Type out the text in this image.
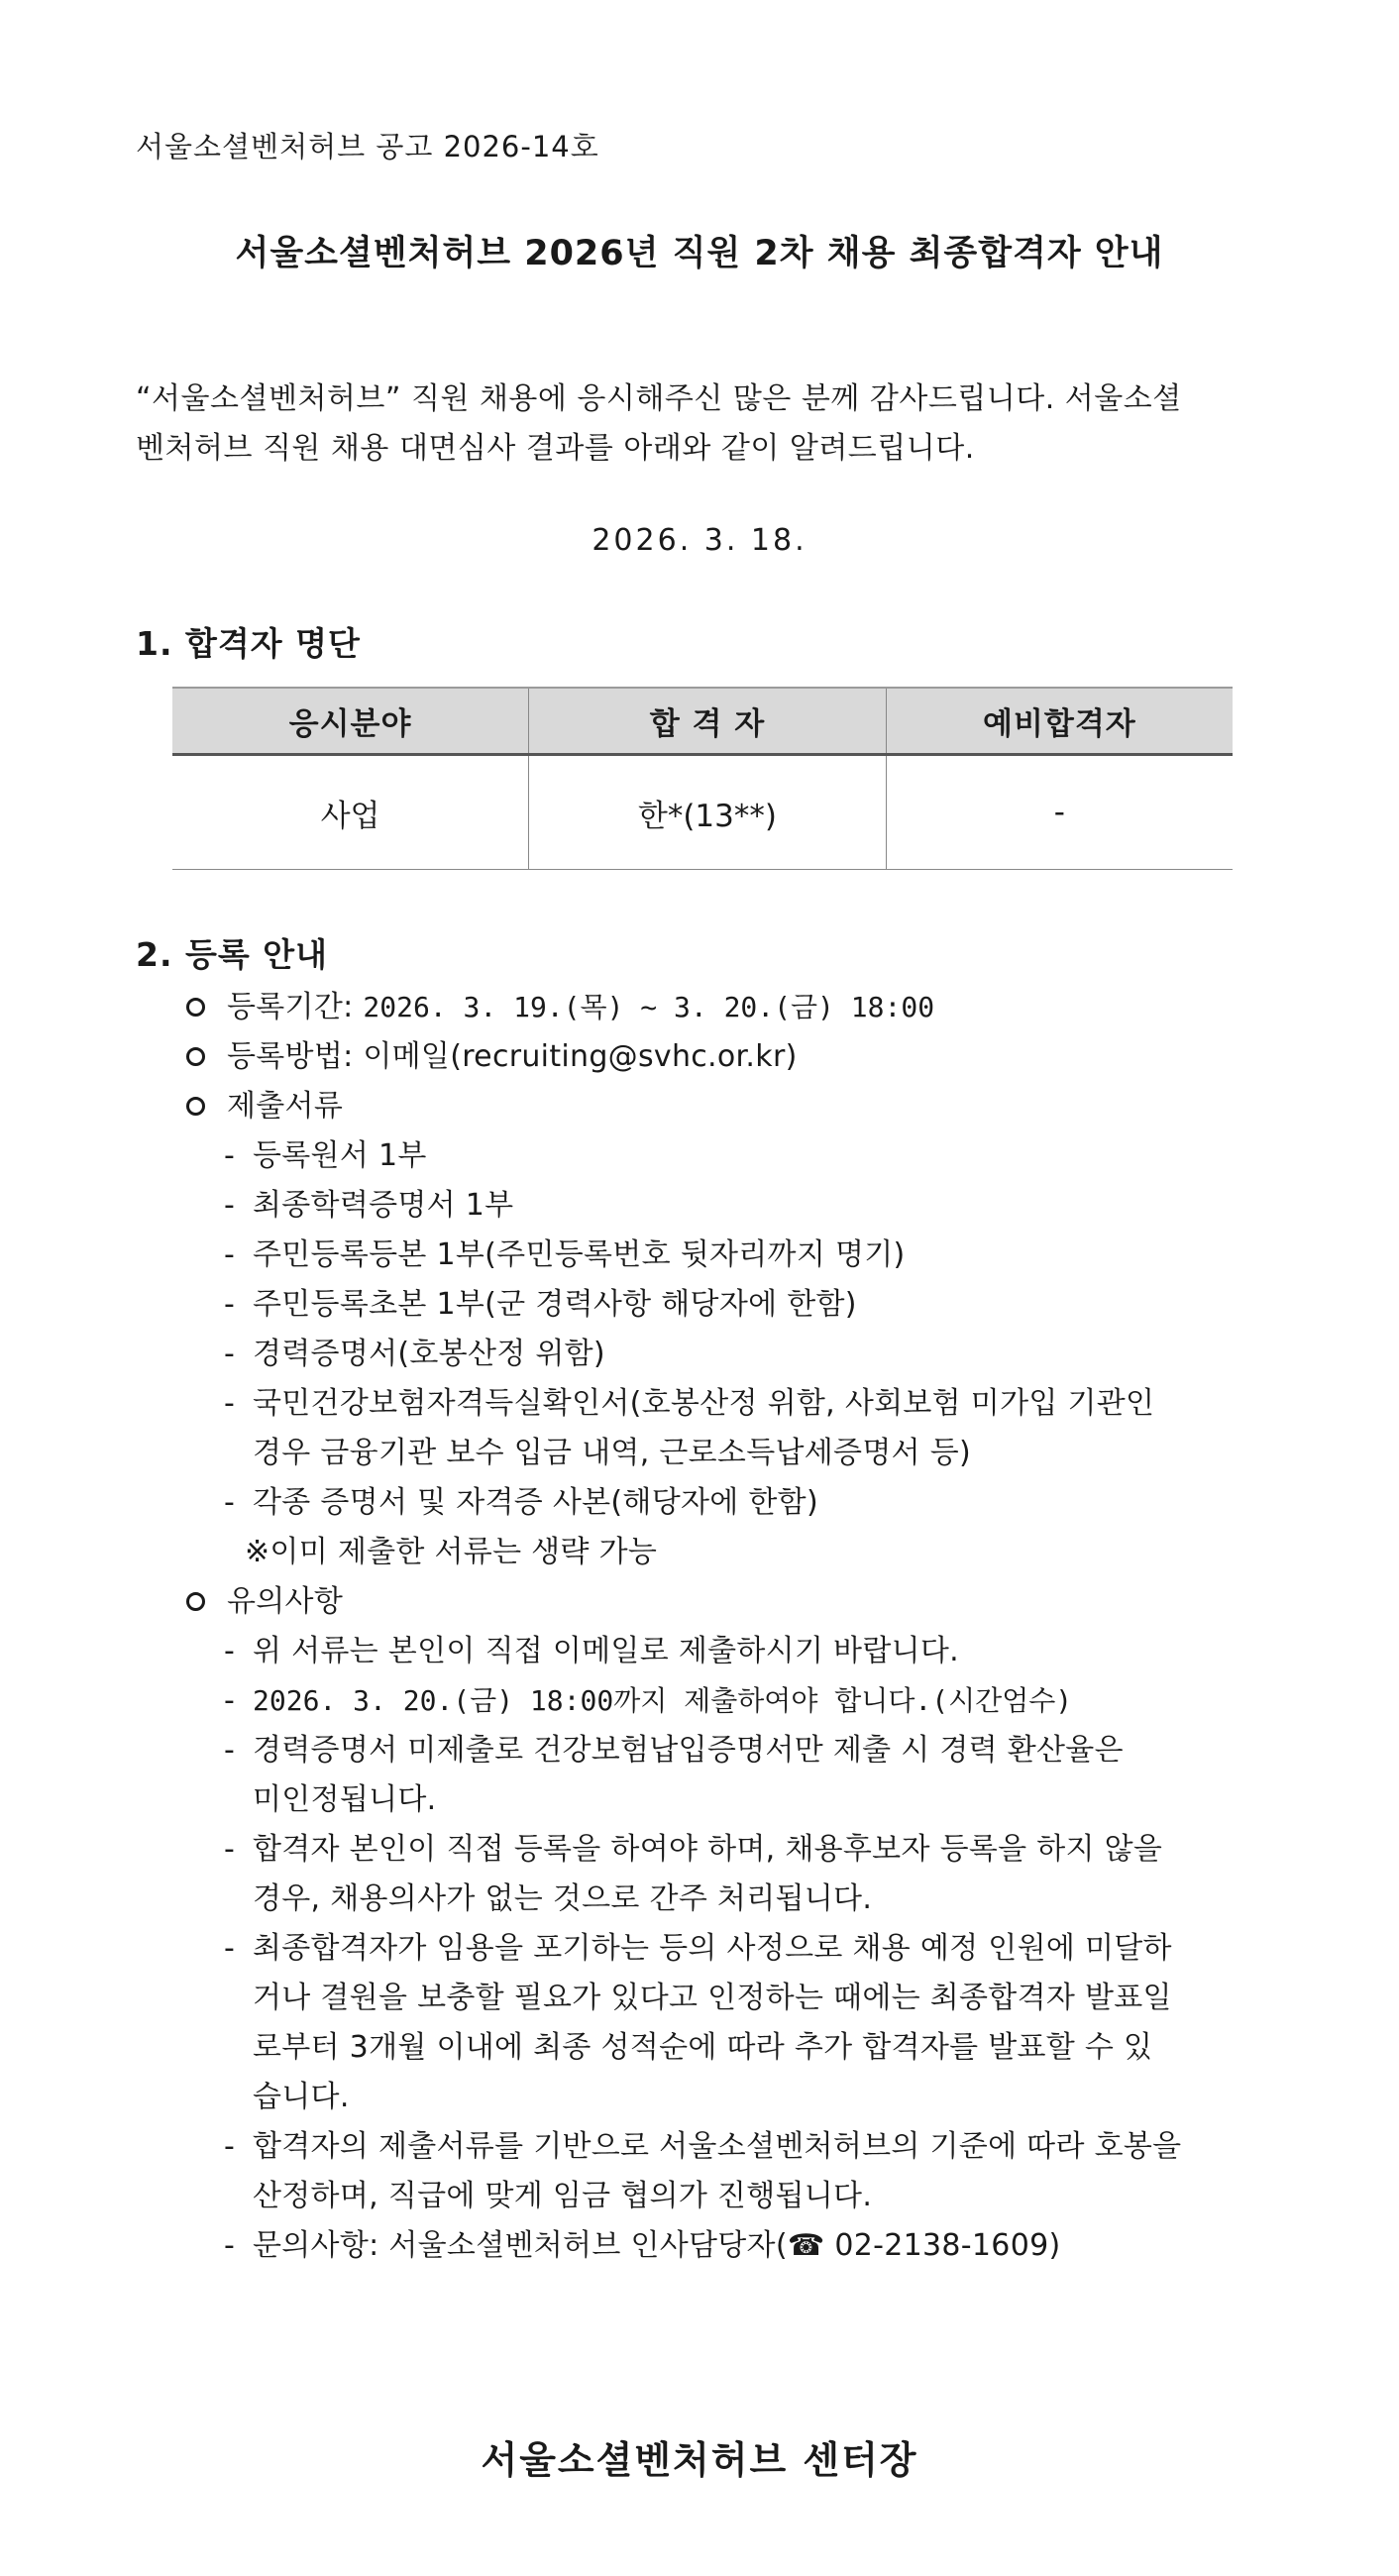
서울소셜벤처허브 공고 2026-14호
서울소셜벤처허브 2026년 직원 2차 채용 최종합격자 안내

“서울소셜벤처허브” 직원 채용에 응시해주신 많은 분께 감사드립니다. 서울소셜

벤처허브 직원 채용 대면심사 결과를 아래와 같이 알려드립니다.

2026. 3. 18.
1. 합격자 명단
응시분야	합 격 자	예비합격자
사업	한*(13**)	-
2. 등록 안내
등록기간: 2026. 3. 19.(목) ~ 3. 20.(금) 18:00
등록방법: 이메일(recruiting@svhc.or.kr)
제출서류
- 등록원서 1부
- 최종학력증명서 1부
- 주민등록등본 1부(주민등록번호 뒷자리까지 명기)
- 주민등록초본 1부(군 경력사항 해당자에 한함)
- 경력증명서(호봉산정 위함)
- 국민건강보험자격득실확인서(호봉산정 위함, 사회보험 미가입 기관인
경우 금융기관 보수 입금 내역, 근로소득납세증명서 등)
- 각종 증명서 및 자격증 사본(해당자에 한함)
※이미 제출한 서류는 생략 가능
유의사항
- 위 서류는 본인이 직접 이메일로 제출하시기 바랍니다.
- 2026. 3. 20.(금) 18:00까지 제출하여야 합니다.(시간엄수)
- 경력증명서 미제출로 건강보험납입증명서만 제출 시 경력 환산율은
미인정됩니다.
- 합격자 본인이 직접 등록을 하여야 하며, 채용후보자 등록을 하지 않을
경우, 채용의사가 없는 것으로 간주 처리됩니다.
- 최종합격자가 임용을 포기하는 등의 사정으로 채용 예정 인원에 미달하
거나 결원을 보충할 필요가 있다고 인정하는 때에는 최종합격자 발표일
로부터 3개월 이내에 최종 성적순에 따라 추가 합격자를 발표할 수 있
습니다.
- 합격자의 제출서류를 기반으로 서울소셜벤처허브의 기준에 따라 호봉을
산정하며, 직급에 맞게 임금 협의가 진행됩니다.
- 문의사항: 서울소셜벤처허브 인사담당자(☎ 02-2138-1609)
서울소셜벤처허브 센터장
